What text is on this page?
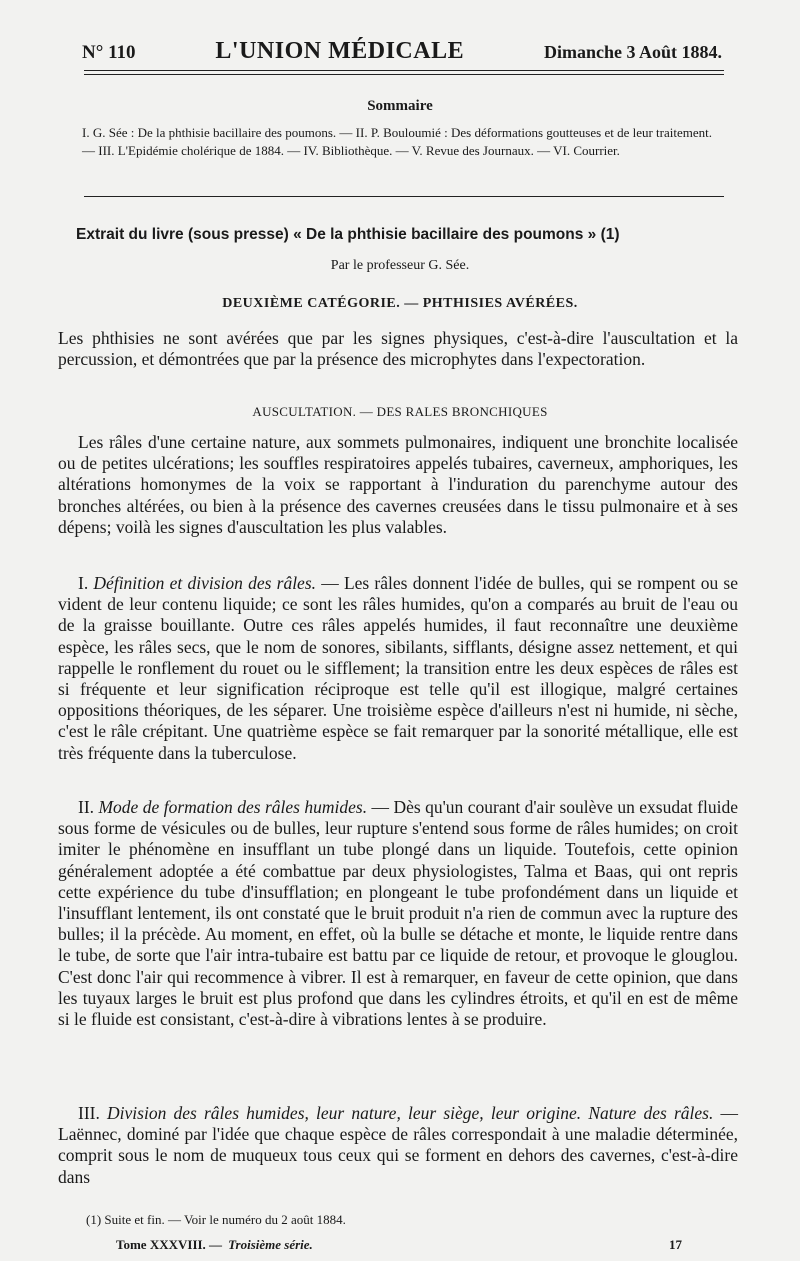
N° 110	L'UNION MÉDICALE	Dimanche 3 Août 1884.
Sommaire
I. G. Sée : De la phthisie bacillaire des poumons. — II. P. Bouloumié : Des déformations goutteuses et de leur traitement. — III. L'Epidémie cholérique de 1884. — IV. Bibliothèque. — V. Revue des Journaux. — VI. Courrier.
Extrait du livre (sous presse) « De la phthisie bacillaire des poumons » (1)
Par le professeur G. Sée.
DEUXIÈME CATÉGORIE. — PHTHISIES AVÉRÉES.
Les phthisies ne sont avérées que par les signes physiques, c'est-à-dire l'auscultation et la percussion, et démontrées que par la présence des microphytes dans l'expectoration.
AUSCULTATION. — DES RALES BRONCHIQUES
Les râles d'une certaine nature, aux sommets pulmonaires, indiquent une bronchite localisée ou de petites ulcérations; les souffles respiratoires appelés tubaires, caverneux, amphoriques, les altérations homonymes de la voix se rapportant à l'induration du parenchyme autour des bronches altérées, ou bien à la présence des cavernes creusées dans le tissu pulmonaire et à ses dépens; voilà les signes d'auscultation les plus valables.
I. Définition et division des râles. — Les râles donnent l'idée de bulles, qui se rompent ou se vident de leur contenu liquide; ce sont les râles humides, qu'on a comparés au bruit de l'eau ou de la graisse bouillante. Outre ces râles appelés humides, il faut reconnaître une deuxième espèce, les râles secs, que le nom de sonores, sibilants, sifflants, désigne assez nettement, et qui rappelle le ronflement du rouet ou le sifflement; la transition entre les deux espèces de râles est si fréquente et leur signification réciproque est telle qu'il est illogique, malgré certaines oppositions théoriques, de les séparer. Une troisième espèce d'ailleurs n'est ni humide, ni sèche, c'est le râle crépitant. Une quatrième espèce se fait remarquer par la sonorité métallique, elle est très fréquente dans la tuberculose.
II. Mode de formation des râles humides. — Dès qu'un courant d'air soulève un exsudat fluide sous forme de vésicules ou de bulles, leur rupture s'entend sous forme de râles humides; on croit imiter le phénomène en insufflant un tube plongé dans un liquide. Toutefois, cette opinion généralement adoptée a été combattue par deux physiologistes, Talma et Baas, qui ont repris cette expérience du tube d'insufflation; en plongeant le tube profondément dans un liquide et l'insufflant lentement, ils ont constaté que le bruit produit n'a rien de commun avec la rupture des bulles; il la précède. Au moment, en effet, où la bulle se détache et monte, le liquide rentre dans le tube, de sorte que l'air intra-tubaire est battu par ce liquide de retour, et provoque le glouglou. C'est donc l'air qui recommence à vibrer. Il est à remarquer, en faveur de cette opinion, que dans les tuyaux larges le bruit est plus profond que dans les cylindres étroits, et qu'il en est de même si le fluide est consistant, c'est-à-dire à vibrations lentes à se produire.
III. Division des râles humides, leur nature, leur siège, leur origine. Nature des râles. — Laënnec, dominé par l'idée que chaque espèce de râles correspondait à une maladie déterminée, comprit sous le nom de muqueux tous ceux qui se forment en dehors des cavernes, c'est-à-dire dans
(1) Suite et fin. — Voir le numéro du 2 août 1884.
Tome XXXVIII. — Troisième série.	17
